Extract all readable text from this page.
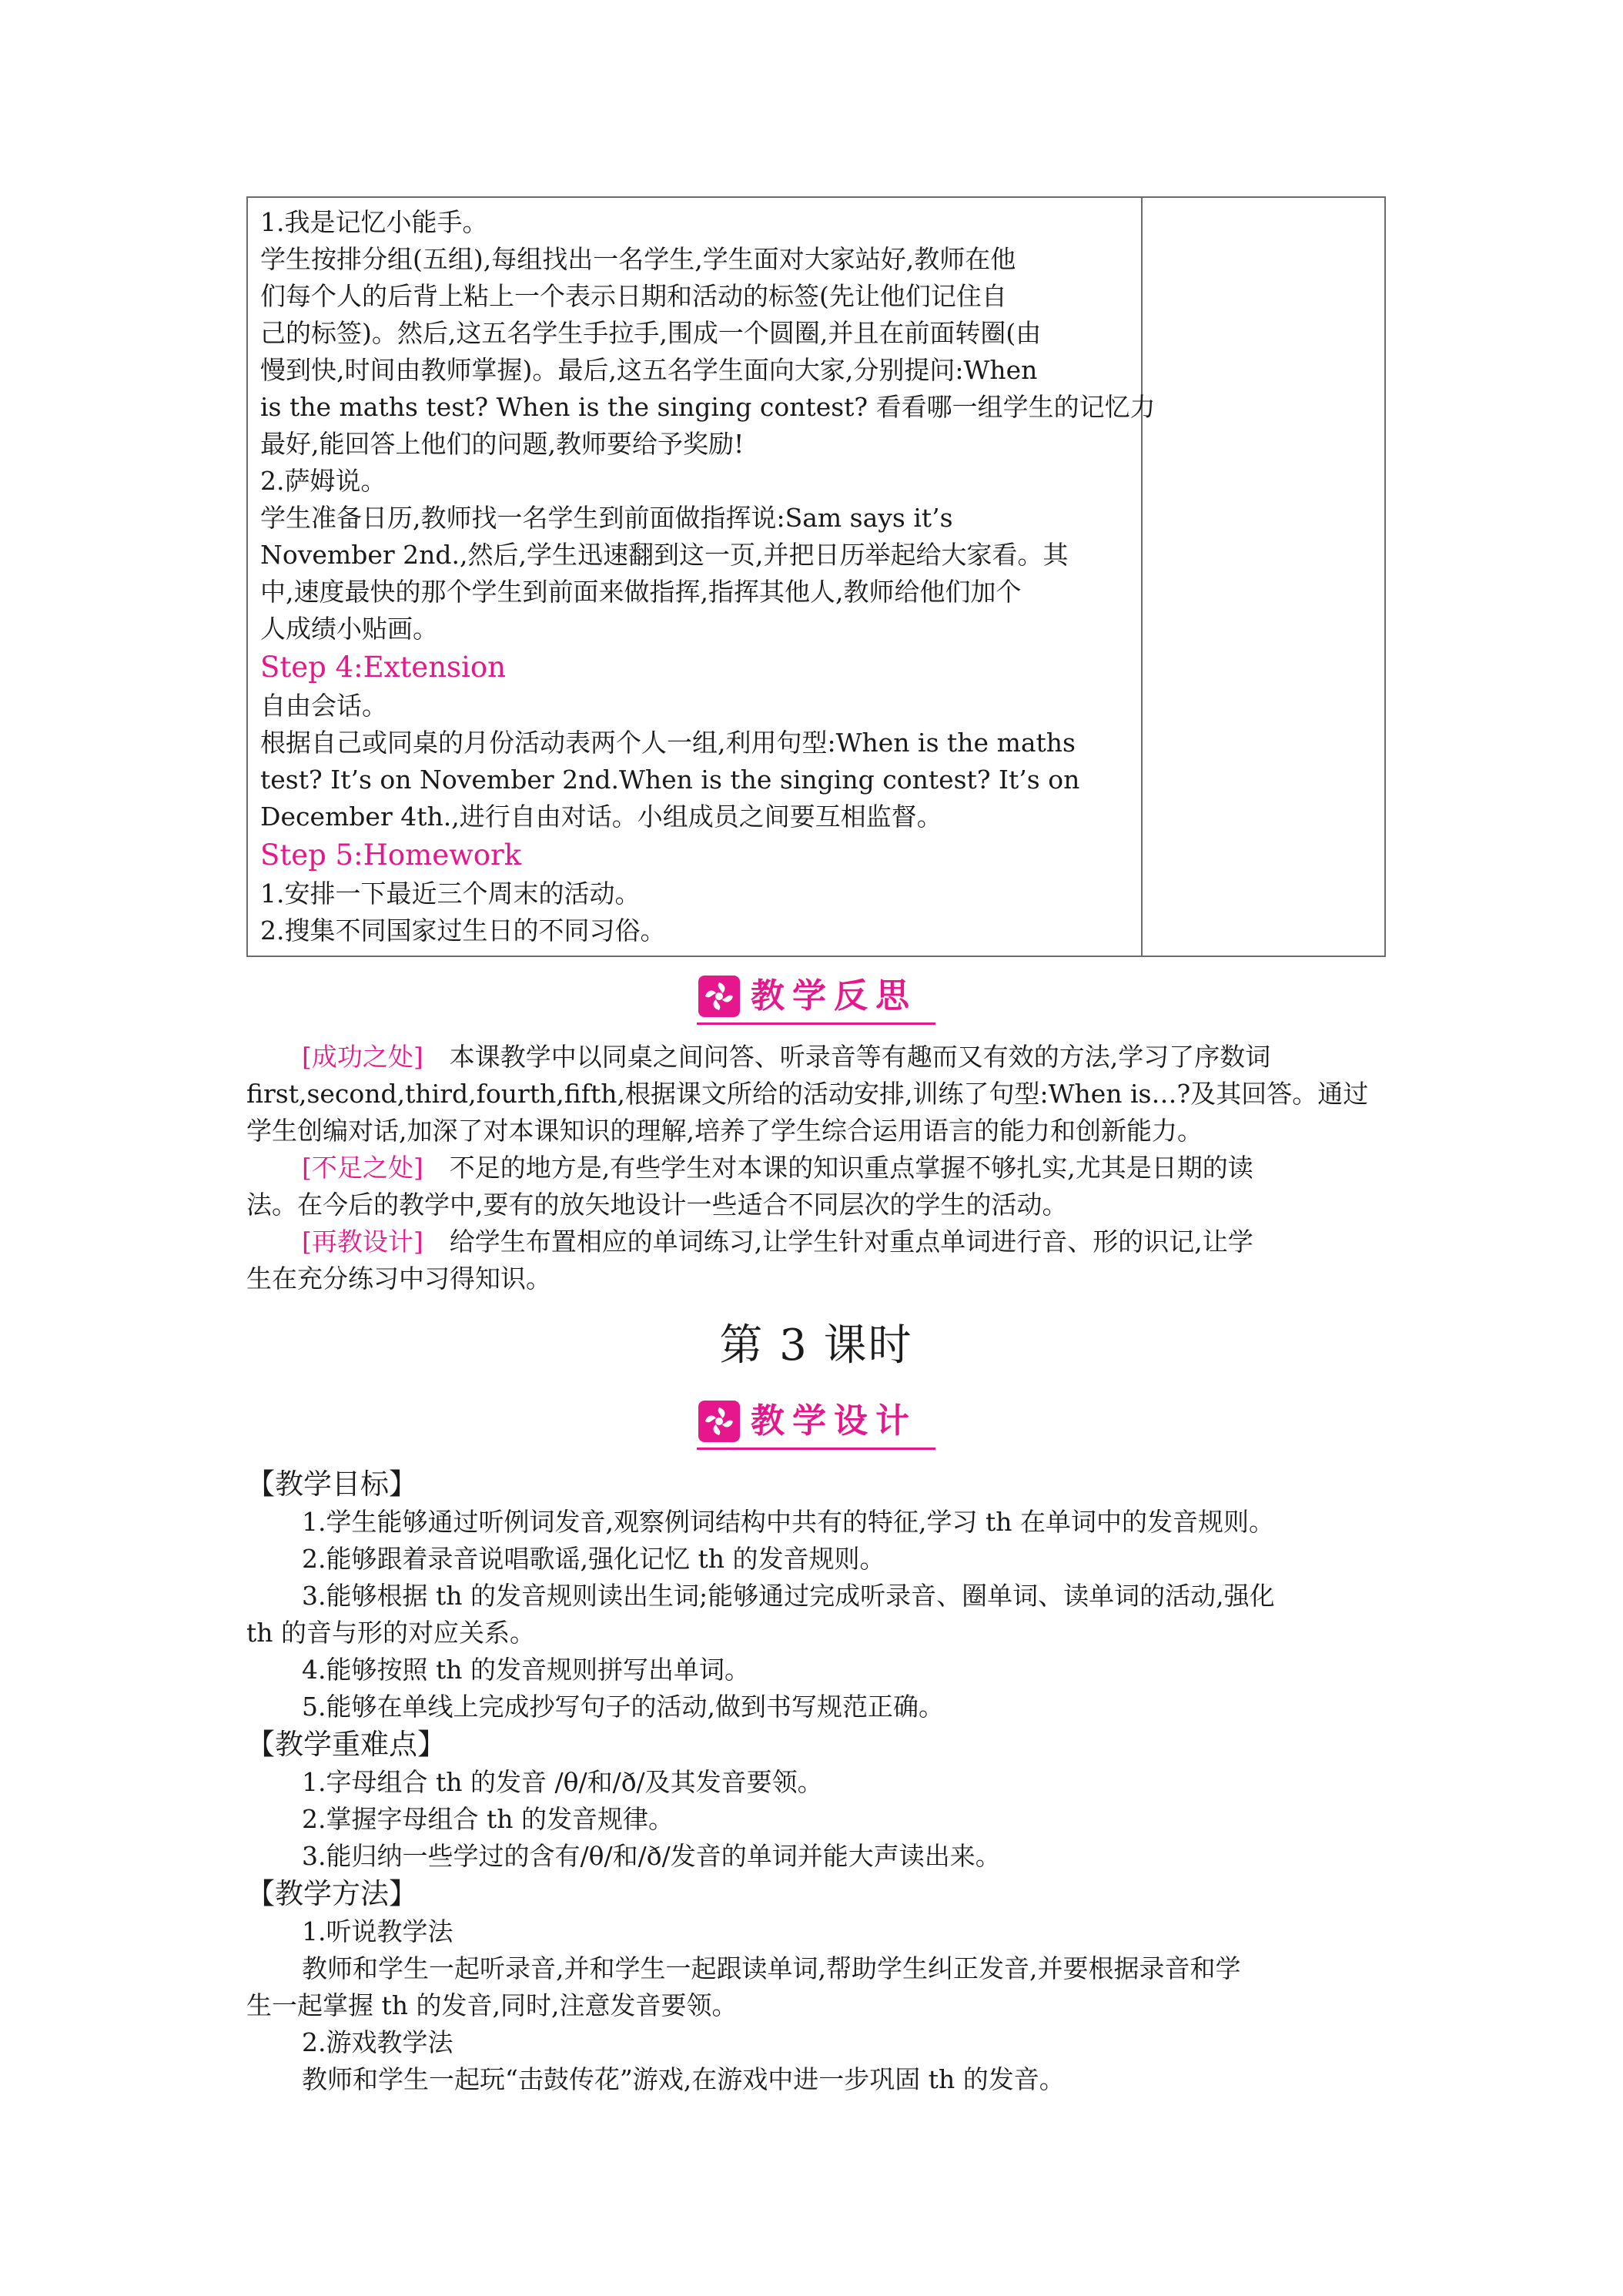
1.我是记忆小能手。
学生按排分组(五组),每组找出一名学生,学生面对大家站好,教师在他
们每个人的后背上粘上一个表示日期和活动的标签(先让他们记住自
己的标签)。然后,这五名学生手拉手,围成一个圆圈,并且在前面转圈(由
慢到快,时间由教师掌握)。最后,这五名学生面向大家,分别提问:When
is the maths test? When is the singing contest? 看看哪一组学生的记忆力
最好,能回答上他们的问题,教师要给予奖励!
2.萨姆说。
学生准备日历,教师找一名学生到前面做指挥说:Sam says it’s
November 2nd.,然后,学生迅速翻到这一页,并把日历举起给大家看。其
中,速度最快的那个学生到前面来做指挥,指挥其他人,教师给他们加个
人成绩小贴画。
Step 4:Extension
自由会话。
根据自己或同桌的月份活动表两个人一组,利用句型:When is the maths
test? It’s on November 2nd.When is the singing contest? It’s on
December 4th.,进行自由对话。小组成员之间要互相监督。
Step 5:Homework
1.安排一下最近三个周末的活动。
2.搜集不同国家过生日的不同习俗。
教学反思
[成功之处] 本课教学中以同桌之间问答、听录音等有趣而又有效的方法,学习了序数词
first,second,third,fourth,fifth,根据课文所给的活动安排,训练了句型:When is…?及其回答。通过
学生创编对话,加深了对本课知识的理解,培养了学生综合运用语言的能力和创新能力。
[不足之处] 不足的地方是,有些学生对本课的知识重点掌握不够扎实,尤其是日期的读
法。在今后的教学中,要有的放矢地设计一些适合不同层次的学生的活动。
[再教设计] 给学生布置相应的单词练习,让学生针对重点单词进行音、形的识记,让学
生在充分练习中习得知识。
第 3 课时
教学设计
【教学目标】
1.学生能够通过听例词发音,观察例词结构中共有的特征,学习 th 在单词中的发音规则。
2.能够跟着录音说唱歌谣,强化记忆 th 的发音规则。
3.能够根据 th 的发音规则读出生词;能够通过完成听录音、圈单词、读单词的活动,强化
th 的音与形的对应关系。
4.能够按照 th 的发音规则拼写出单词。
5.能够在单线上完成抄写句子的活动,做到书写规范正确。
【教学重难点】
1.字母组合 th 的发音 /θ/和/ð/及其发音要领。
2.掌握字母组合 th 的发音规律。
3.能归纳一些学过的含有/θ/和/ð/发音的单词并能大声读出来。
【教学方法】
1.听说教学法
教师和学生一起听录音,并和学生一起跟读单词,帮助学生纠正发音,并要根据录音和学
生一起掌握 th 的发音,同时,注意发音要领。
2.游戏教学法
教师和学生一起玩“击鼓传花”游戏,在游戏中进一步巩固 th 的发音。
